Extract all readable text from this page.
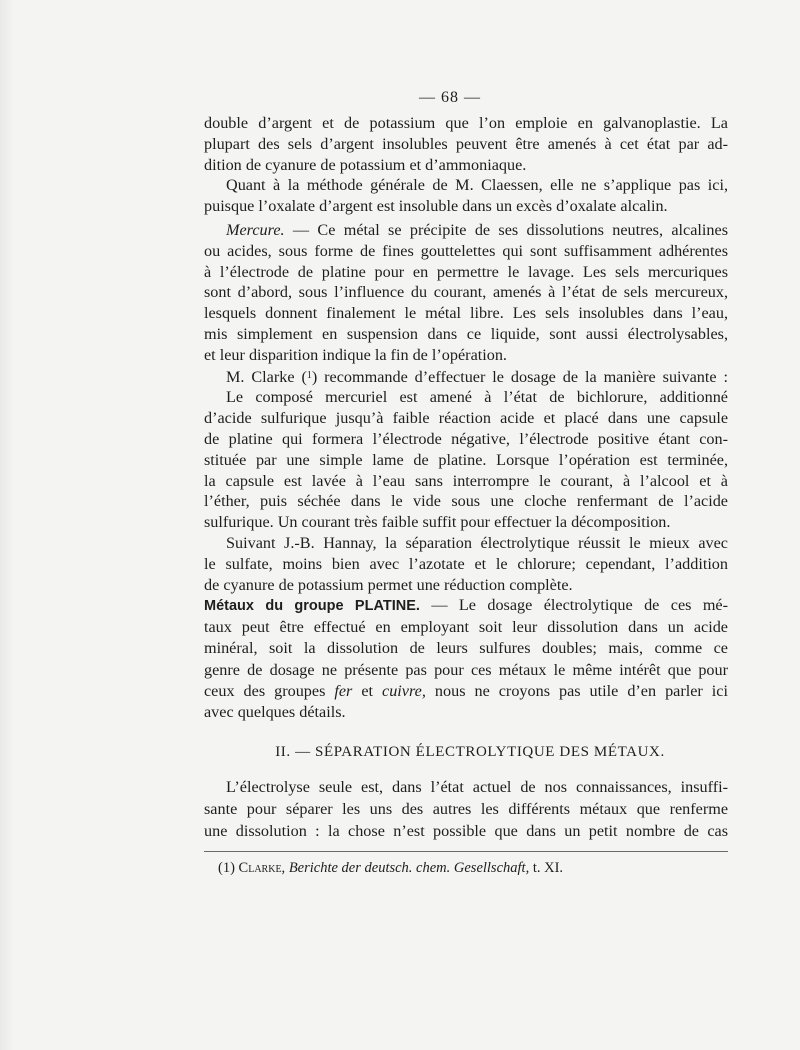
— 68 —
double d’argent et de potassium que l’on emploie en galvanoplastie. La
plupart des sels d’argent insolubles peuvent être amenés à cet état par ad-
dition de cyanure de potassium et d’ammoniaque.
Quant à la méthode générale de M. Claessen, elle ne s’applique pas ici,
puisque l’oxalate d’argent est insoluble dans un excès d’oxalate alcalin.
Mercure. — Ce métal se précipite de ses dissolutions neutres, alcalines
ou acides, sous forme de fines gouttelettes qui sont suffisamment adhérentes
à l’électrode de platine pour en permettre le lavage. Les sels mercuriques
sont d’abord, sous l’influence du courant, amenés à l’état de sels mercureux,
lesquels donnent finalement le métal libre. Les sels insolubles dans l’eau,
mis simplement en suspension dans ce liquide, sont aussi électrolysables,
et leur disparition indique la fin de l’opération.
M. Clarke ($^1$) recommande d’effectuer le dosage de la manière suivante :
Le composé mercuriel est amené à l’état de bichlorure, additionné
d’acide sulfurique jusqu’à faible réaction acide et placé dans une capsule
de platine qui formera l’électrode négative, l’électrode positive étant con-
stituée par une simple lame de platine. Lorsque l’opération est terminée,
la capsule est lavée à l’eau sans interrompre le courant, à l’alcool et à
l’éther, puis séchée dans le vide sous une cloche renfermant de l’acide
sulfurique. Un courant très faible suffit pour effectuer la décomposition.
Suivant J.-B. Hannay, la séparation électrolytique réussit le mieux avec
le sulfate, moins bien avec l’azotate et le chlorure; cependant, l’addition
de cyanure de potassium permet une réduction complète.
Métaux du groupe PLATINE. — Le dosage électrolytique de ces mé-
taux peut être effectué en employant soit leur dissolution dans un acide
minéral, soit la dissolution de leurs sulfures doubles; mais, comme ce
genre de dosage ne présente pas pour ces métaux le même intérêt que pour
ceux des groupes fer et cuivre, nous ne croyons pas utile d’en parler ici
avec quelques détails.
II. — SÉPARATION ÉLECTROLYTIQUE DES MÉTAUX.
L’électrolyse seule est, dans l’état actuel de nos connaissances, insuffi-
sante pour séparer les uns des autres les différents métaux que renferme
une dissolution : la chose n’est possible que dans un petit nombre de cas
(1) Clarke, Berichte der deutsch. chem. Gesellschaft, t. XI.
